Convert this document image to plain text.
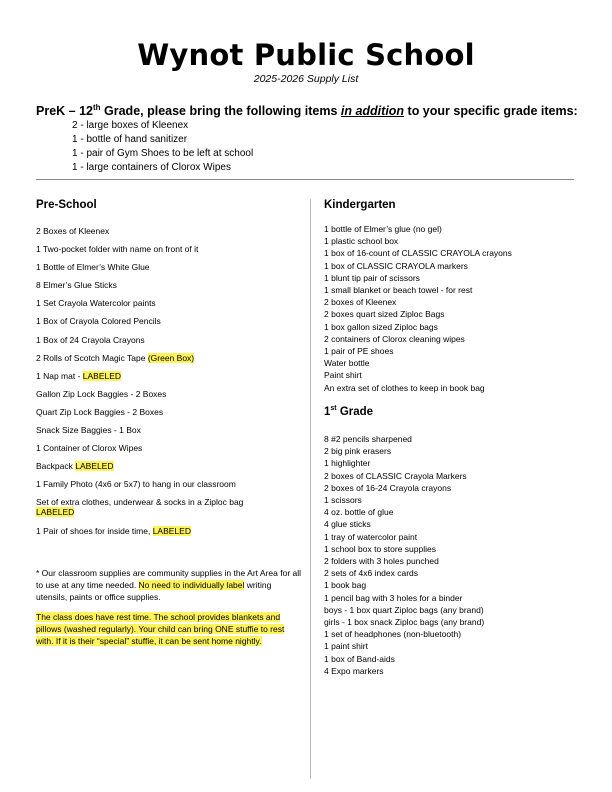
Wynot Public School
2025-2026 Supply List
PreK – 12th Grade, please bring the following items in addition to your specific grade items:
2 - large boxes of Kleenex
1 - bottle of hand sanitizer
1 - pair of Gym Shoes to be left at school
1 - large containers of Clorox Wipes
Pre-School
2 Boxes of Kleenex
1 Two-pocket folder with name on front of it
1 Bottle of Elmer’s White Glue
8 Elmer’s Glue Sticks
1 Set Crayola Watercolor paints
1 Box of Crayola Colored Pencils
1 Box of 24 Crayola Crayons
2 Rolls of Scotch Magic Tape (Green Box)
1 Nap mat - LABELED
Gallon Zip Lock Baggies - 2 Boxes
Quart Zip Lock Baggies - 2 Boxes
Snack Size Baggies - 1 Box
1 Container of Clorox Wipes
Backpack LABELED
1 Family Photo (4x6 or 5x7) to hang in our classroom
Set of extra clothes, underwear & socks in a Ziploc bag
LABELED
1 Pair of shoes for inside time, LABELED
* Our classroom supplies are community supplies in the Art Area for all to use at any time needed. No need to individually label writing utensils, paints or office supplies.
The class does have rest time. The school provides blankets and pillows (washed regularly). Your child can bring ONE stuffie to rest with. If it is their “special” stuffie, it can be sent home nightly.
Kindergarten
1 bottle of Elmer’s glue (no gel)
1 plastic school box
1 box of 16-count of CLASSIC CRAYOLA crayons
1 box of CLASSIC CRAYOLA markers
1 blunt tip pair of scissors
1 small blanket or beach towel - for rest
2 boxes of Kleenex
2 boxes quart sized Ziploc Bags
1 box gallon sized Ziploc bags
2 containers of Clorox cleaning wipes
1 pair of PE shoes
Water bottle
Paint shirt
An extra set of clothes to keep in book bag
1st Grade
8 #2 pencils sharpened
2 big pink erasers
1 highlighter
2 boxes of CLASSIC Crayola Markers
2 boxes of 16-24 Crayola crayons
1 scissors
4 oz. bottle of glue
4 glue sticks
1 tray of watercolor paint
1 school box to store supplies
2 folders with 3 holes punched
2 sets of 4x6 index cards
1 book bag
1 pencil bag with 3 holes for a binder
boys - 1 box quart Ziploc bags (any brand)
girls - 1 box snack Ziploc bags (any brand)
1 set of headphones (non-bluetooth)
1 paint shirt
1 box of Band-aids
4 Expo markers
